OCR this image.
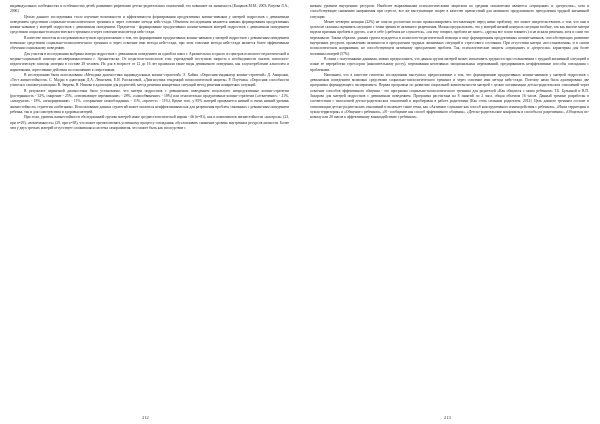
индивидуальных особенностях и особенностях детей, развивают рефлексию детско-родительских отношений, что повышает их значимость [Кащаков М.М., 2003; Разуева Л.А., 2006].

Целью данного исследования стало изучение возможности и эффективности формирования продуктивных копинг-навыков у матерей подростков с девиантным поведением средствами социально-психологического тренинга и через освоение метода кейс-стади. Объектом исследования являются навыки формирования продуктивных копинг-навыков у матерей подростков с девиантным поведением. Предметом - формирование продуктивных копинг-навыков матерей подростков с девиантным поведением средствами социально-психологического тренинга и через освоение ими метода кейс-стади.

В качестве гипотезы исследования выступило предположение о том, что формирование продуктивных копинг-навыков у матерей подростков с девиантным поведением возможно средствами социально-психологического тренинга и через освоение ими метода кейс-стади, при этом освоение метода кейс-стади является более эффективным обучения социальному поведению.

Для участия в исследовании выбраны матери подростков с девиантным поведением из одной из школ г. Архангельска и одного из центров психолого-педагогической и медико-социальной помощи несовершеннолетним г. Архангельска. От педагогов-психологов этих учреждений поступили запросы о необходимости оказать психолого-педагогическую помощь матерям в составе 28 человек. Их для в возрасте от 12 до 16 лет проявляли такие виды девиантного поведения, как злоупотребление алкоголем и наркотиками, агрессивные действия по отношению к сверстникам.

В исследовании были использованы «Методика диагностики индивидуальных копинг-стратегий» Э. Хайма, «Опросник-индикатор копинг-стратегий» Д. Амирхана, «Тест жизнестойкости» С. Мадди в адаптации Д.А. Леонтьева, Е.И. Рассказовой, «Диагностика тенденций психологической защиты» Р. Плутчика, «Опросник способности учителя к самоактуализации» В. Зверева, Н. Нинова в адаптации для родителей, метод решения конкретных ситуаций метод решения конкретных ситуаций.

В результате первичной диагностики было установлено, что матери подростков с девиантным поведением используют непродуктивные копинг-стратегии (растерянность - 32%, смирение - 25%, «отвлекающее переживание» - 28%, «самообвинение» - 18%) или относительно продуктивные копинг-стратегии («отвлечение» - 21%, «альтруизм» - 18%, «игнорирование» - 11%, «сохранение самообладания» - 11%, «протест» - 11%). Кроме того, у 85% матерей проявляется низкий и очень низкий уровень жизнестойкости, стратегии «избегания». Использование данных стратегий может оказаться неэффективными как для разрешения проблем, связанных с девиантным поведением ребенка, так и для самочувствия и здоровья матерей.

При этом, уровень жизнестойкости обследованной группы матерей ниже среднестатистической нормы - 66 (n=81), как и компонентов жизнестойкости «контроль» (23, при n=29), «вовлеченность» (29, при n=38), что может препятствовать успешному процессу совладания, обусловливать снижение уровень внутренних ресурсов личности. Более чем у двух третьих матерей отсутствует сложившаяся система саморазвития, что может быть как последствие с

212

низким уровнем внутренних ресурсов. Наиболее выраженными психологическими защитами по средним показателям являются «отрицание» и «регрессия», хотя и способствующие снижению напряжения при стрессе, все же выступающие скорее в качестве препятствий для активного продуктивного преодоления трудной жизненной ситуации.

Менее четверти женщин (22%) не смогли достаточно полно проанализировать поставленную перед ними проблему, что может свидетельствовать о том, что они в целом не склонны оценивать ситуацию с точки зрения ее активного разрешения. Можно предположить, что у матерей низкий контроль ситуации вообще, так как многие матери видели причины проблем в других, а не в себе («ребенок не слушается», «он ему говорит, проблем не знает», «друзья все плохо влияют») и не искали решения, хотя и сами это переживали. Таким образом, данная группа нуждается в психолого-педагогической помощи и ище формирования продуктивных копинг-навыков, способствующих развитию внутренних ресурсов, проявлению активности в преодолении трудных жизненных ситуаций и стрессового состояния. При отсутствии матери «восстановления» и в самом психологическом напряжении, не способствующем активному преодолению проблем. Так, психологические защиты «отрицание» и «регрессия» характерны для более половины матерей (57%).

В связи с полученными данными, можно предположить, что данная группа матерей может испытывать трудности при столкновении с трудной жизненной ситуацией в плане ее переработки стрессором (накопительному росту), переживания негативных эмоциональных переживаний, предпринимать неэффективные способы совладания с проблемами.

Напомним, что в качестве гипотезы исследования выступило предположение о том, что формирование продуктивных копинг-навыков у матерей подростков с девиантным поведением возможно средствами социально-психологического тренинга и через освоение ими метода кейс-стади. Поэтому нами была адаптирована две программы формирующего эксперимента. Первая программа по развитию социальной компетентности матерей с целью оптимизации детско-родительских отношений через освоение способов эффективного общения - это программа социально-психологического тренинга для родителей «Как общаться с моим ребенком» Т.Б. Бульиной и В.П. Захарова для матерей подростков с девиантным поведением. Программа рассчитана на 8 занятий по 2 часа, общая объемом 16 часов. Данный тренинг разработан в соответствии с типологией детско-родительских отношений и апробирован в работе родителями [Как стать сильным родителем, 2012]. Цель данного тренинга состоит в оптимизации детско-родительских отношений и включает такие темы, как «Активное слушание как способ конструктивного взаимодействия с ребенком», «Наша территория и чужая территория» и «Общение с ребенком», «Я - сообщение как способ эффективного общения», «Детско-родительские конфликты и способы их разрешения», «Общаться по-новому или 20 шагов к эффективному взаимодействию с ребенком».

213
